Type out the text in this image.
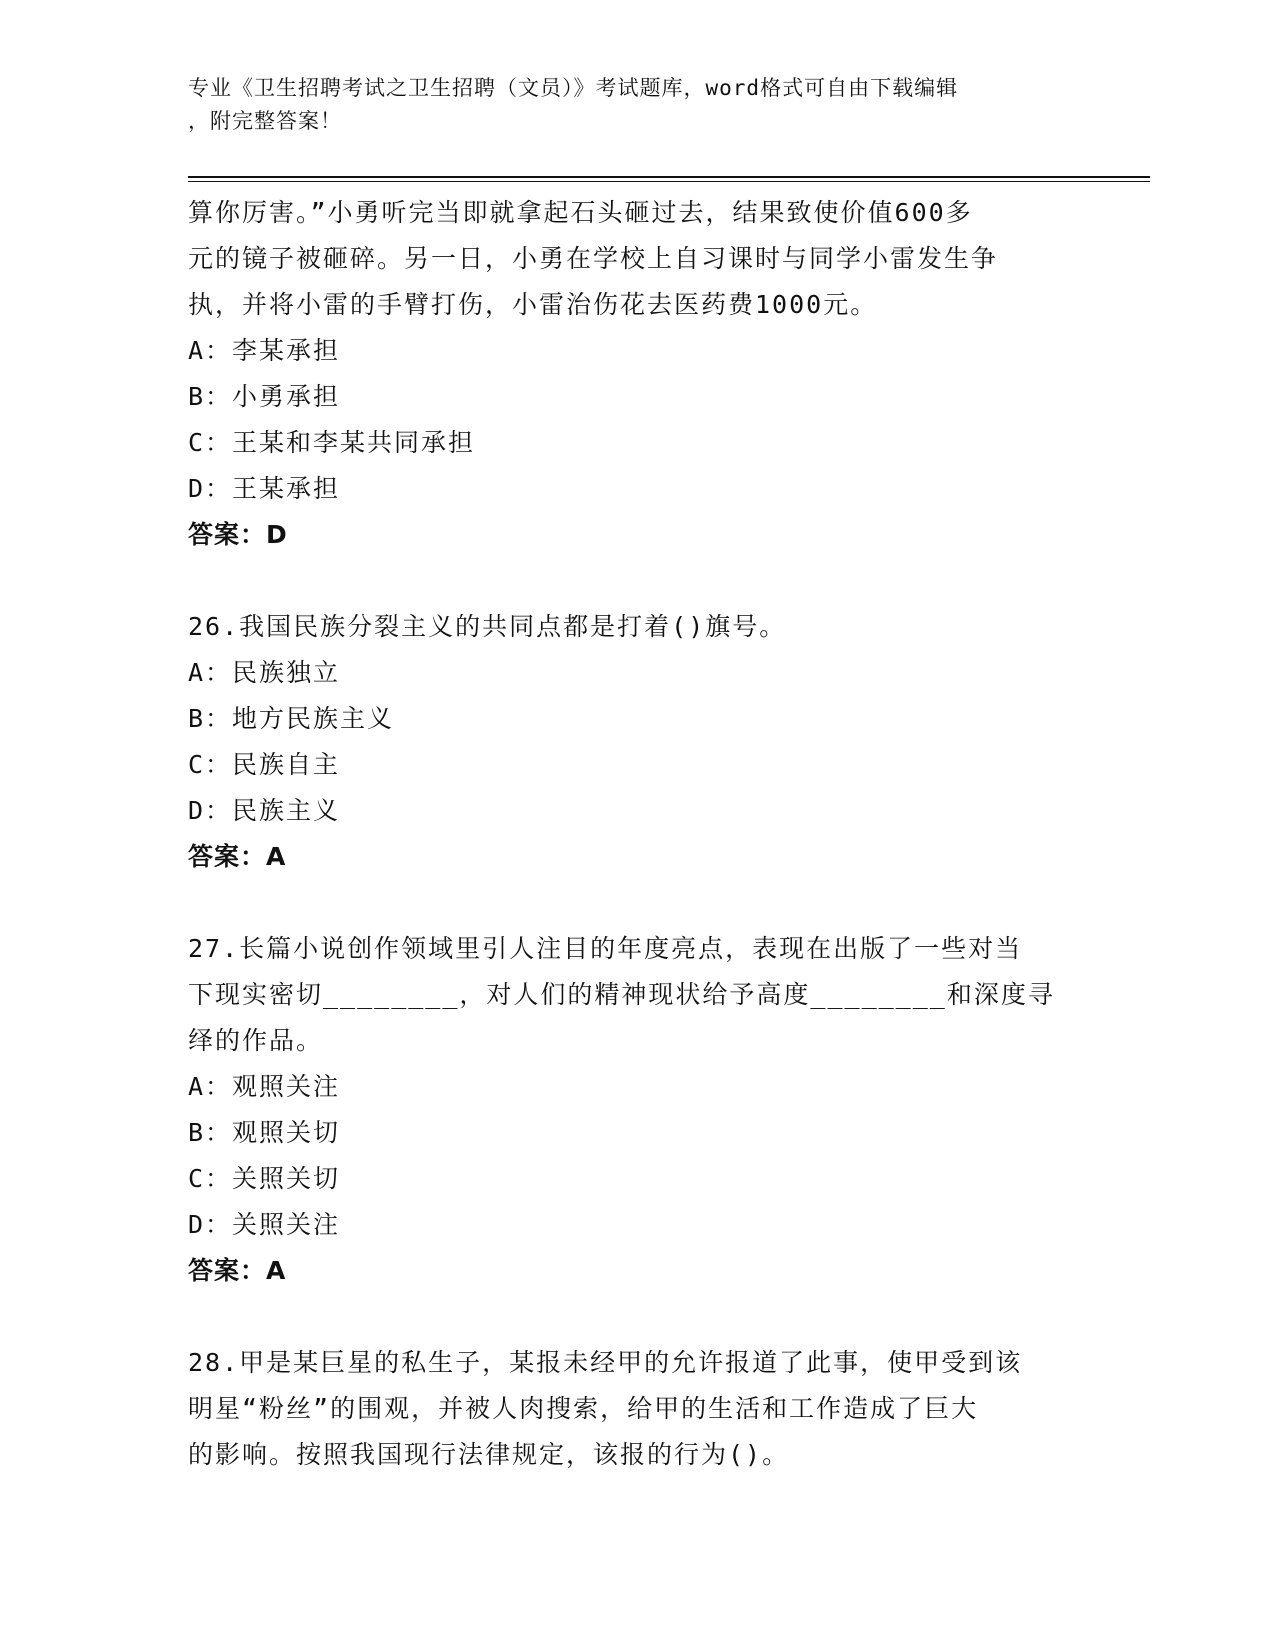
专业《卫生招聘考试之卫生招聘（文员）》考试题库，word格式可自由下载编辑
，附完整答案！

算你厉害。”小勇听完当即就拿起石头砸过去，结果致使价值600多

元的镜子被砸碎。另一日，小勇在学校上自习课时与同学小雷发生争

执，并将小雷的手臂打伤，小雷治伤花去医药费1000元。

A：李某承担

B：小勇承担

C：王某和李某共同承担

D：王某承担

答案：D

26.我国民族分裂主义的共同点都是打着()旗号。

A：民族独立

B：地方民族主义

C：民族自主

D：民族主义

答案：A

27.长篇小说创作领域里引人注目的年度亮点，表现在出版了一些对当

下现实密切________，对人们的精神现状给予高度________和深度寻

绎的作品。

A：观照关注

B：观照关切

C：关照关切

D：关照关注

答案：A

28.甲是某巨星的私生子，某报未经甲的允许报道了此事，使甲受到该

明星“粉丝”的围观，并被人肉搜索，给甲的生活和工作造成了巨大

的影响。按照我国现行法律规定，该报的行为()。
